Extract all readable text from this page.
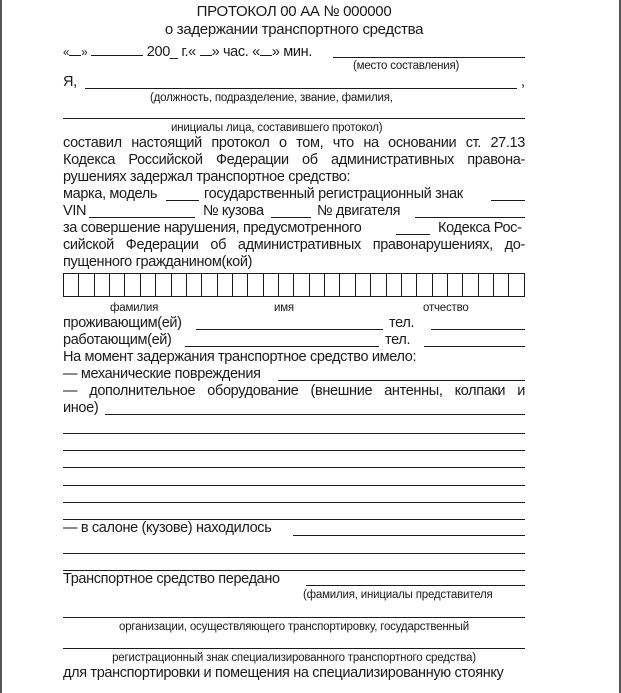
ПРОТОКОЛ 00 АА № 000000
о задержании транспортного средства
« »	200_ г.« » час. « » мин.
(место составления)
Я,	,
(должность, подразделение, звание, фамилия,
инициалы лица, составившего протокол)
составил настоящий протокол о том, что на основании ст. 27.13
Кодекса Российской Федерации об административных правона-
рушениях задержал транспортное средство:
марка, модель	государственный регистрационный знак
VIN	№ кузова	№ двигателя
за совершение нарушения, предусмотренного	Кодекса Рос-
сийской Федерации об административных правонарушениях, до-
пущенного гражданином(кой)
фамилия	имя	отчество
проживающим(ей)	тел.
работающим(ей)	тел.
На момент задержания транспортное средство имело:
— механические повреждения
— дополнительное оборудование (внешние антенны, колпаки и
иное)
— в салоне (кузове) находилось
Транспортное средство передано
(фамилия, инициалы представителя
организации, осуществляющего транспортировку, государственный
регистрационный знак специализированного транспортного средства)
для транспортировки и помещения на специализированную стоянку
